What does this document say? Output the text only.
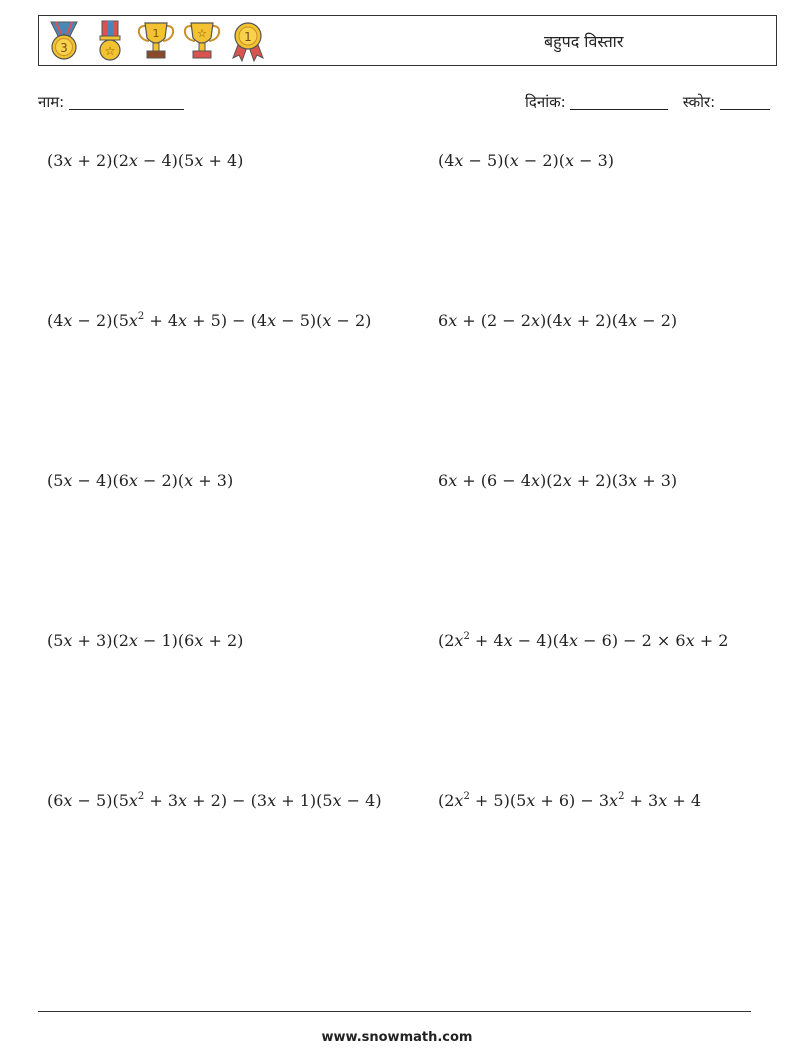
3	☆
1	☆	1	बहुपद विस्तार
नाम:	दिनांक:	स्कोर:
(3x + 2)(2x − 4)(5x + 4)	(4x − 5)(x − 2)(x − 3)
$(4x - 2)(5x^2 + 4x + 5) - (4x - 5)(x - 2)$	6x + (2 − 2x)(4x + 2)(4x − 2)
(5x − 4)(6x − 2)(x + 3)	6x + (6 − 4x)(2x + 2)(3x + 3)
(5x + 3)(2x − 1)(6x + 2)	$(2x^2 + 4x - 4)(4x - 6) - 2 \times 6x + 2$
$(6x - 5)(5x^2 + 3x + 2) - (3x + 1)(5x - 4)$	$(2x^2 + 5)(5x + 6) - 3x^2 + 3x + 4$
www.snowmath.com
